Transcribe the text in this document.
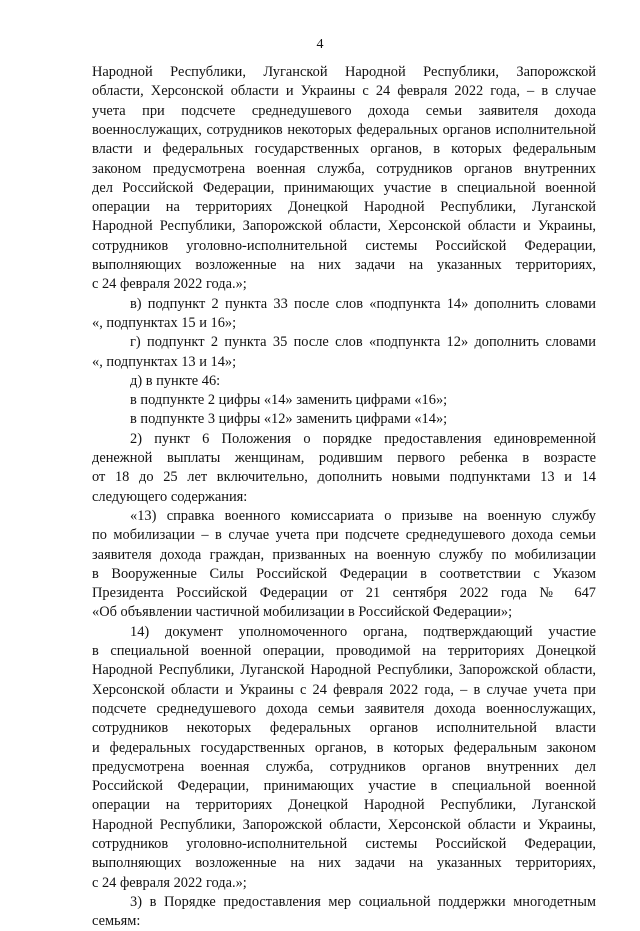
4
Народной Республики, Луганской Народной Республики, Запорожской
области, Херсонской области и Украины с 24 февраля 2022 года, – в случае
учета при подсчете среднедушевого дохода семьи заявителя дохода
военнослужащих, сотрудников некоторых федеральных органов исполнительной
власти и федеральных государственных органов, в которых федеральным
законом предусмотрена военная служба, сотрудников органов внутренних
дел Российской Федерации, принимающих участие в специальной военной
операции на территориях Донецкой Народной Республики, Луганской
Народной Республики, Запорожской области, Херсонской области и Украины,
сотрудников уголовно-исполнительной системы Российской Федерации,
выполняющих возложенные на них задачи на указанных территориях,
с 24 февраля 2022 года.»;
в) подпункт 2 пункта 33 после слов «подпункта 14» дополнить словами
«, подпунктах 15 и 16»;
г) подпункт 2 пункта 35 после слов «подпункта 12» дополнить словами
«, подпунктах 13 и 14»;
д) в пункте 46:
в подпункте 2 цифры «14» заменить цифрами «16»;
в подпункте 3 цифры «12» заменить цифрами «14»;
2) пункт 6 Положения о порядке предоставления единовременной
денежной выплаты женщинам, родившим первого ребенка в возрасте
от 18 до 25 лет включительно, дополнить новыми подпунктами 13 и 14
следующего содержания:
«13) справка военного комиссариата о призыве на военную службу
по мобилизации – в случае учета при подсчете среднедушевого дохода семьи
заявителя дохода граждан, призванных на военную службу по мобилизации
в Вооруженные Силы Российской Федерации в соответствии с Указом
Президента Российской Федерации от 21 сентября 2022 года № 647
«Об объявлении частичной мобилизации в Российской Федерации»;
14) документ уполномоченного органа, подтверждающий участие
в специальной военной операции, проводимой на территориях Донецкой
Народной Республики, Луганской Народной Республики, Запорожской области,
Херсонской области и Украины с 24 февраля 2022 года, – в случае учета при
подсчете среднедушевого дохода семьи заявителя дохода военнослужащих,
сотрудников некоторых федеральных органов исполнительной власти
и федеральных государственных органов, в которых федеральным законом
предусмотрена военная служба, сотрудников органов внутренних дел
Российской Федерации, принимающих участие в специальной военной
операции на территориях Донецкой Народной Республики, Луганской
Народной Республики, Запорожской области, Херсонской области и Украины,
сотрудников уголовно-исполнительной системы Российской Федерации,
выполняющих возложенные на них задачи на указанных территориях,
с 24 февраля 2022 года.»;
3) в Порядке предоставления мер социальной поддержки многодетным
семьям:
